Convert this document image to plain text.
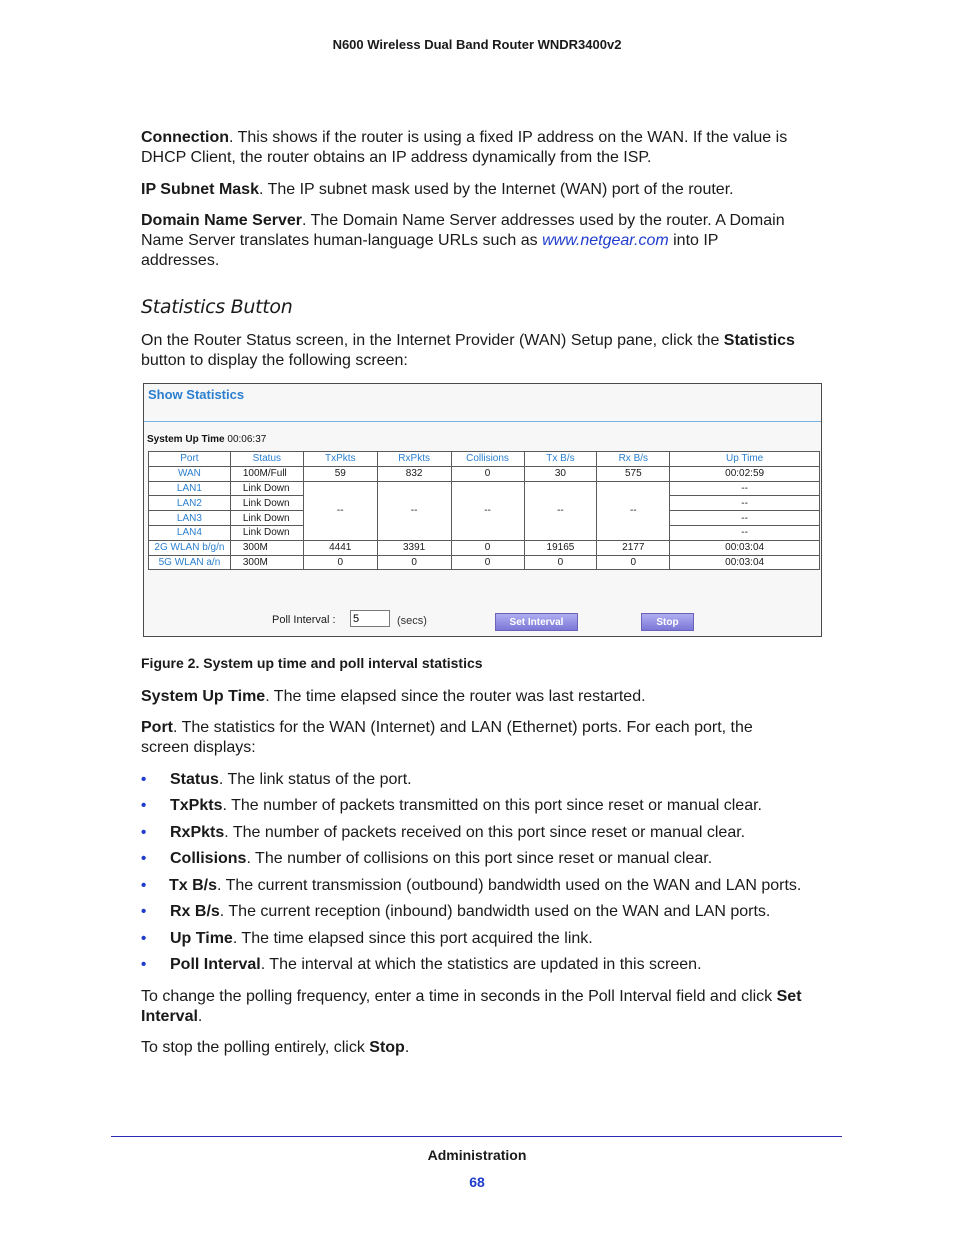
N600 Wireless Dual Band Router WNDR3400v2
Connection. This shows if the router is using a fixed IP address on the WAN. If the value is
DHCP Client, the router obtains an IP address dynamically from the ISP.
IP Subnet Mask. The IP subnet mask used by the Internet (WAN) port of the router.
Domain Name Server. The Domain Name Server addresses used by the router. A Domain
Name Server translates human-language URLs such as www.netgear.com into IP
addresses.
Statistics Button
On the Router Status screen, in the Internet Provider (WAN) Setup pane, click the Statistics
button to display the following screen:
Show Statistics
System Up Time 00:06:37
Port	Status	TxPkts	RxPkts	Collisions	Tx B/s	Rx B/s	Up Time
WAN	100M/Full	59	832	0	30	575	00:02:59
LAN1	Link Down	--	--	--	--	--	--
LAN2	Link Down						--
LAN3	Link Down						--
LAN4	Link Down						--
2G WLAN b/g/n	300M	4441	3391	0	19165	2177	00:03:04
5G WLAN a/n	300M	0	0	0	0	0	00:03:04
Poll Interval :
5	(secs)	Set Interval	Stop
Figure 2. System up time and poll interval statistics
System Up Time. The time elapsed since the router was last restarted.
Port. The statistics for the WAN (Internet) and LAN (Ethernet) ports. For each port, the
screen displays:
• Status. The link status of the port.
• TxPkts. The number of packets transmitted on this port since reset or manual clear.
• RxPkts. The number of packets received on this port since reset or manual clear.
• Collisions. The number of collisions on this port since reset or manual clear.
• Tx B/s. The current transmission (outbound) bandwidth used on the WAN and LAN ports.
• Rx B/s. The current reception (inbound) bandwidth used on the WAN and LAN ports.
• Up Time. The time elapsed since this port acquired the link.
• Poll Interval. The interval at which the statistics are updated in this screen.
To change the polling frequency, enter a time in seconds in the Poll Interval field and click Set
Interval.
To stop the polling entirely, click Stop.
Administration
68
